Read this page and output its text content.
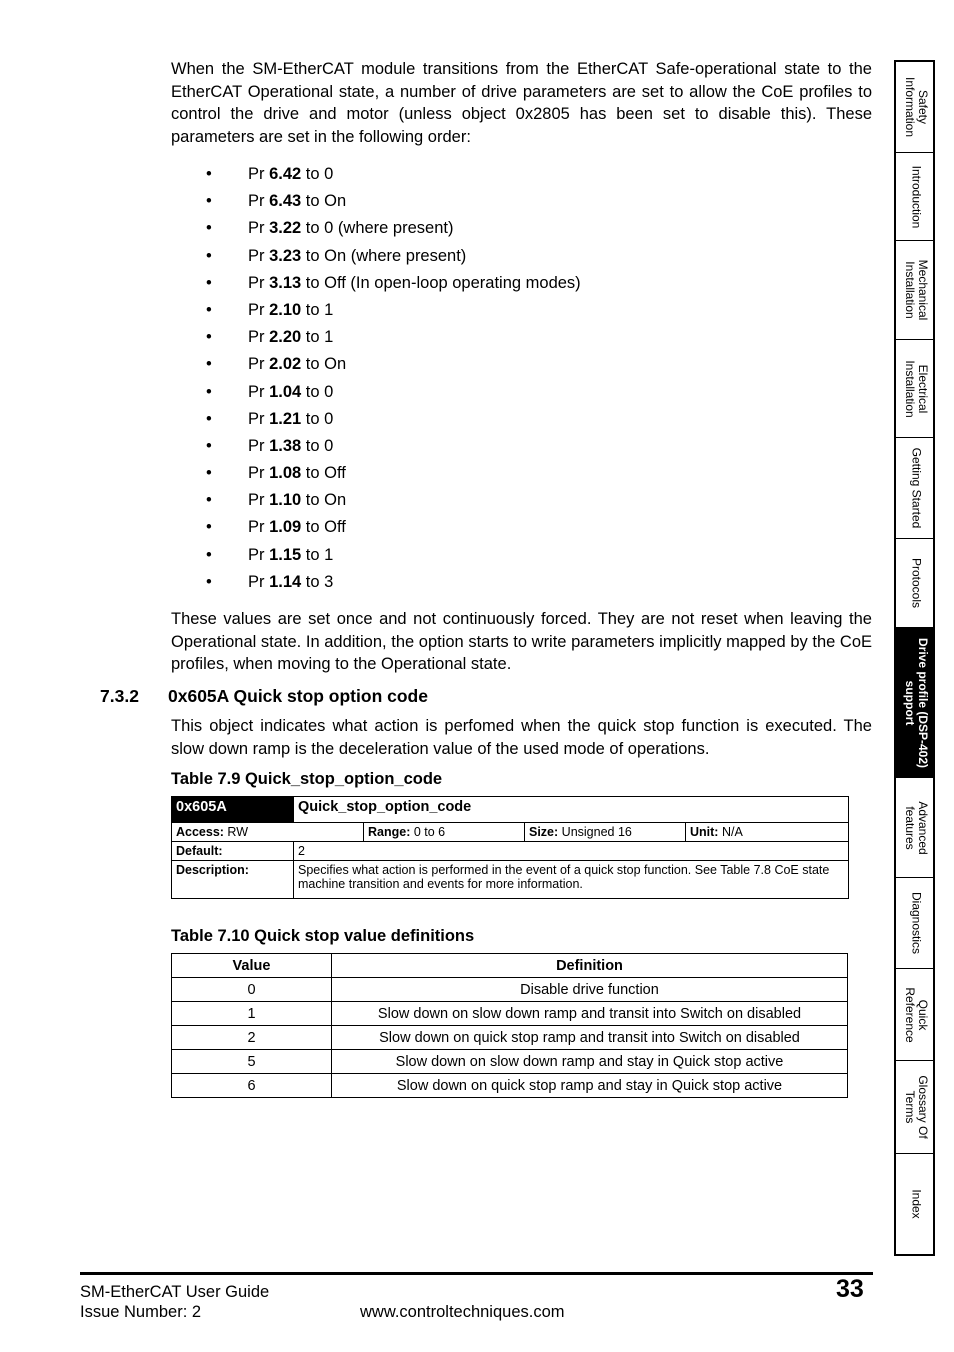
When the SM-EtherCAT module transitions from the EtherCAT Safe-operational state to the EtherCAT Operational state, a number of drive parameters are set to allow the CoE profiles to control the drive and motor (unless object 0x2805 has been set to disable this). These parameters are set in the following order:
• Pr 6.42 to 0
• Pr 6.43 to On
• Pr 3.22 to 0 (where present)
• Pr 3.23 to On (where present)
• Pr 3.13 to Off (In open-loop operating modes)
• Pr 2.10 to 1
• Pr 2.20 to 1
• Pr 2.02 to On
• Pr 1.04 to 0
• Pr 1.21 to 0
• Pr 1.38 to 0
• Pr 1.08 to Off
• Pr 1.10 to On
• Pr 1.09 to Off
• Pr 1.15 to 1
• Pr 1.14 to 3
These values are set once and not continuously forced. They are not reset when leaving the Operational state. In addition, the option starts to write parameters implicitly mapped by the CoE profiles, when moving to the Operational state.
7.3.2 0x605A Quick stop option code
This object indicates what action is perfomed when the quick stop function is executed. The slow down ramp is the deceleration value of the used mode of operations.
Table 7.9 Quick_stop_option_code
0x605A	Quick_stop_option_code			
Access: RW		Range: 0 to 6	Size: Unsigned 16	Unit: N/A
Default:	2			
Description:	Specifies what action is performed in the event of a quick stop function. See Table 7.8 CoE state machine transition and events for more information.			
Table 7.10 Quick stop value definitions
Value	Definition
0	Disable drive function
1	Slow down on slow down ramp and transit into Switch on disabled
2	Slow down on quick stop ramp and transit into Switch on disabled
5	Slow down on slow down ramp and stay in Quick stop active
6	Slow down on quick stop ramp and stay in Quick stop active
Safety
Information
Introduction
Mechanical
Installation
Electrical
Installation
Getting Started
Protocols
Drive profile (DSP-402)
support
Advanced
features
Diagnostics
Quick
Reference
Glossary Of
Terms
Index
SM-EtherCAT User Guide
Issue Number: 2	www.controltechniques.com
33
